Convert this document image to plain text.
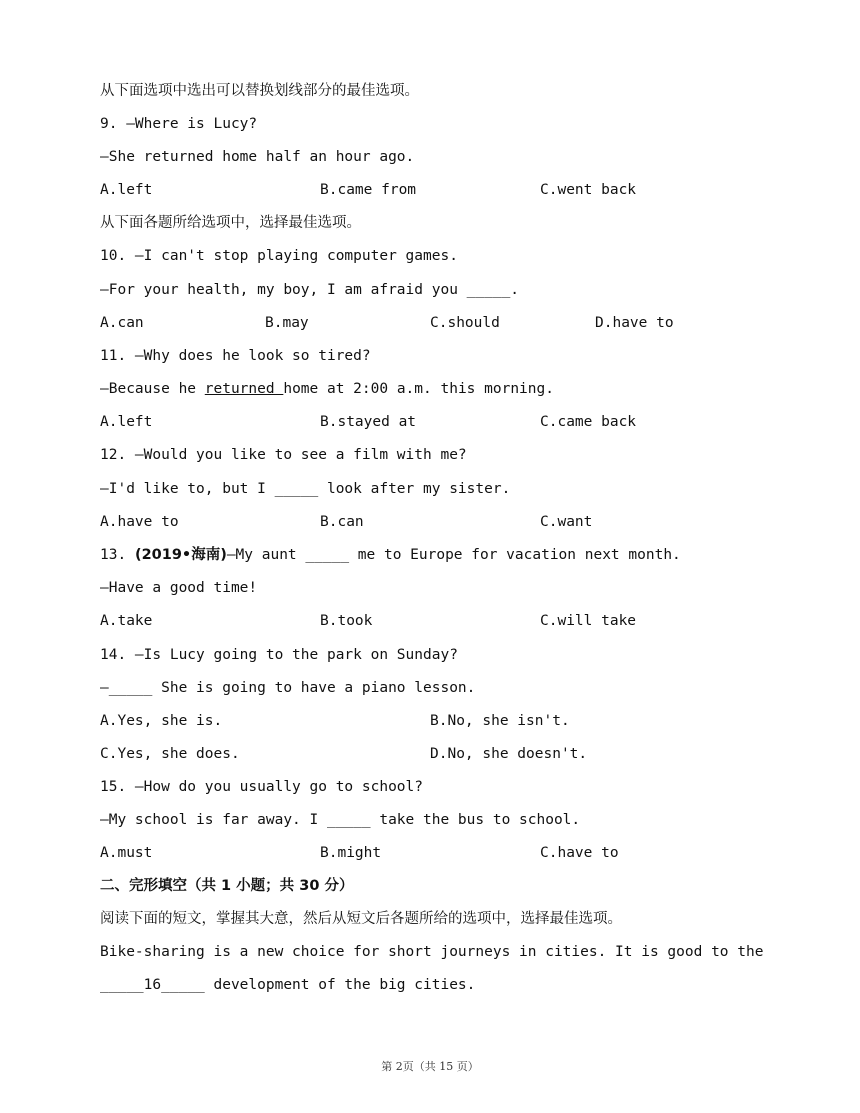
从下面选项中选出可以替换划线部分的最佳选项。
9. —Where is Lucy?
—She returned home half an hour ago.
A.left	B.came from	C.went back
从下面各题所给选项中，选择最佳选项。
10. —I can't stop playing computer games.
—For your health, my boy, I am afraid you _____.
A.can	B.may	C.should	D.have to
11. —Why does he look so tired?
—Because he returned home at 2:00 a.m. this morning.
A.left	B.stayed at	C.came back
12. —Would you like to see a film with me?
—I'd like to, but I _____ look after my sister.
A.have to	B.can	C.want
13. (2019•海南)—My aunt _____ me to Europe for vacation next month.
—Have a good time!
A.take	B.took	C.will take
14. —Is Lucy going to the park on Sunday?
—_____ She is going to have a piano lesson.
A.Yes, she is.	B.No, she isn't.
C.Yes, she does.	D.No, she doesn't.
15. —How do you usually go to school?
—My school is far away. I _____ take the bus to school.
A.must	B.might	C.have to
二、完形填空（共 1 小题；共 30 分）
阅读下面的短文，掌握其大意，然后从短文后各题所给的选项中，选择最佳选项。
Bike-sharing is a new choice for short journeys in cities. It is good to the
_____16_____ development of the big cities.
第 2页（共 15 页）
